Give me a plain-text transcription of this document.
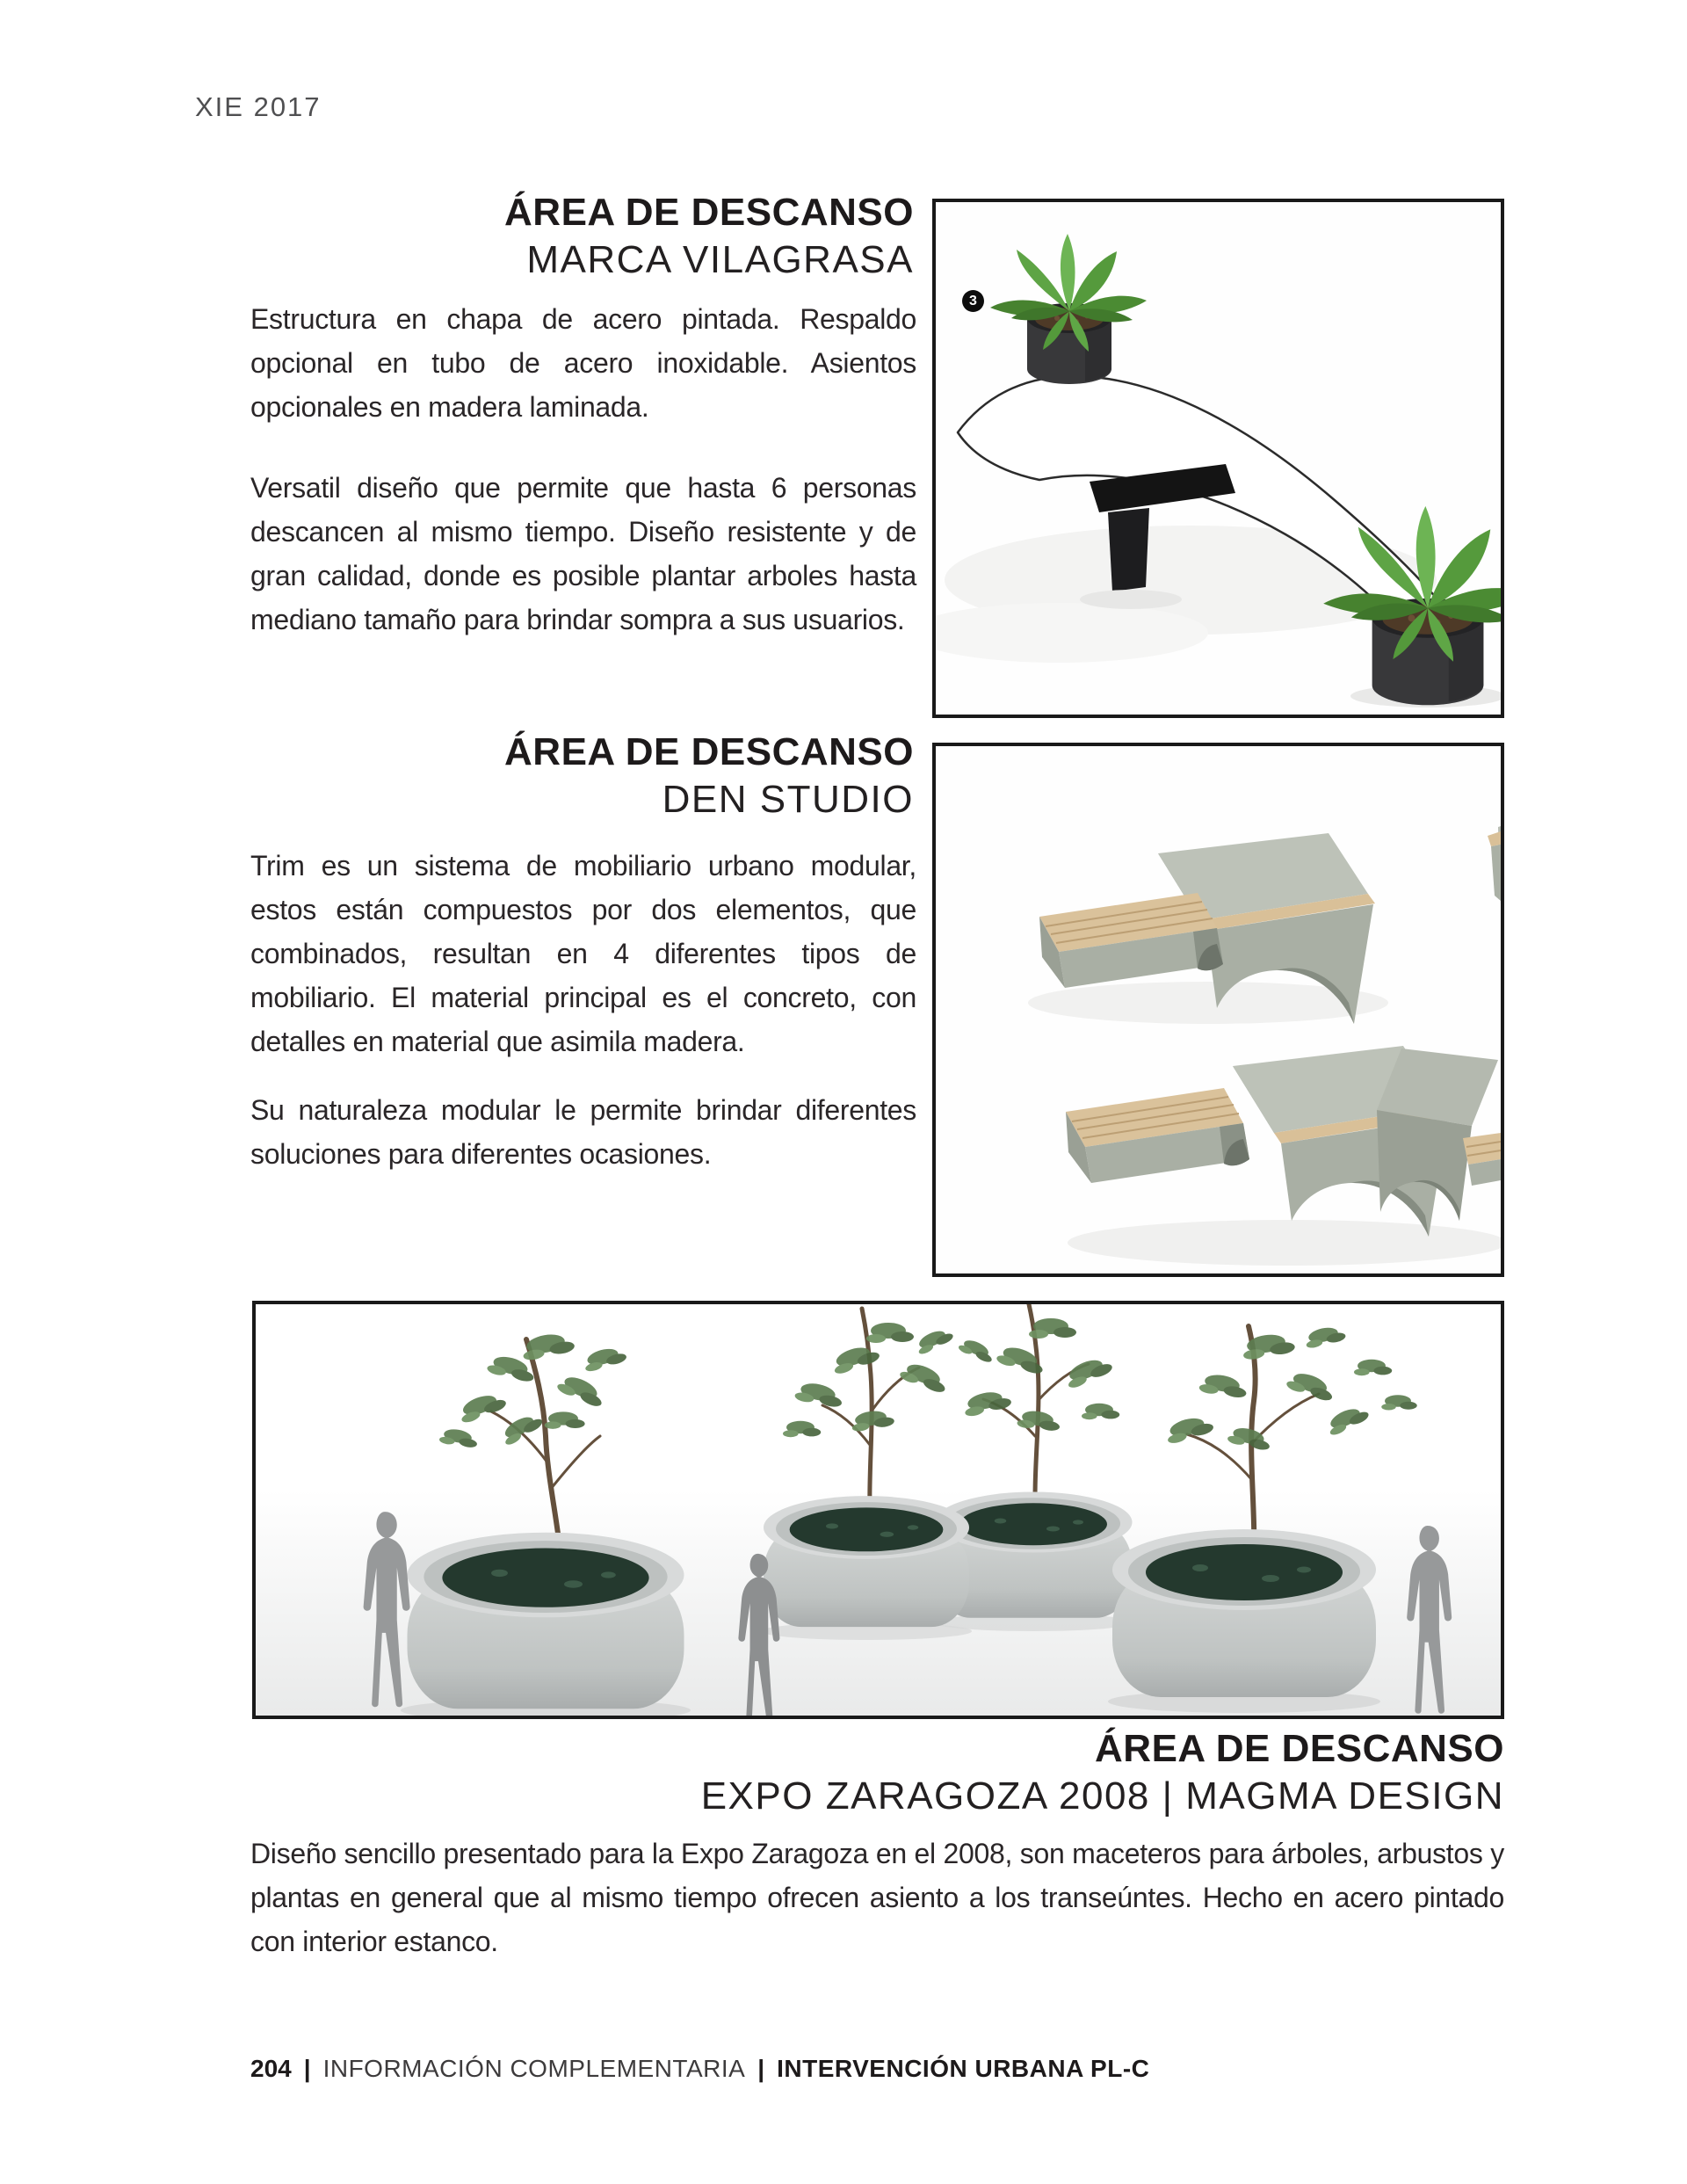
XIE 2017
ÁREA DE DESCANSO
MARCA VILAGRASA

Estructura en chapa de acero pintada. Respaldo opcional en tubo de acero inoxidable. Asientos opcionales en madera laminada.

Versatil diseño que permite que hasta 6 personas descancen al mismo tiempo. Diseño resistente y de gran calidad, donde es posible plantar arboles hasta mediano tamaño para brindar sompra a sus usuarios.

3
ÁREA DE DESCANSO
DEN STUDIO

Trim es un sistema de mobiliario urbano modular, estos están compuestos por dos elementos, que combinados, resultan en 4 diferentes tipos de mobiliario. El material principal es el concreto, con detalles en material que asimila madera.

Su naturaleza modular le permite brindar diferentes soluciones para diferentes ocasiones.

ÁREA DE DESCANSO
EXPO ZARAGOZA 2008 | MAGMA DESIGN

Diseño sencillo presentado para la Expo Zaragoza en el 2008, son maceteros para árboles, arbustos y plantas en general que al mismo tiempo ofrecen asiento a los transeúntes. Hecho en acero pintado con interior estanco.

204 | INFORMACIÓN COMPLEMENTARIA | INTERVENCIÓN URBANA PL-C
